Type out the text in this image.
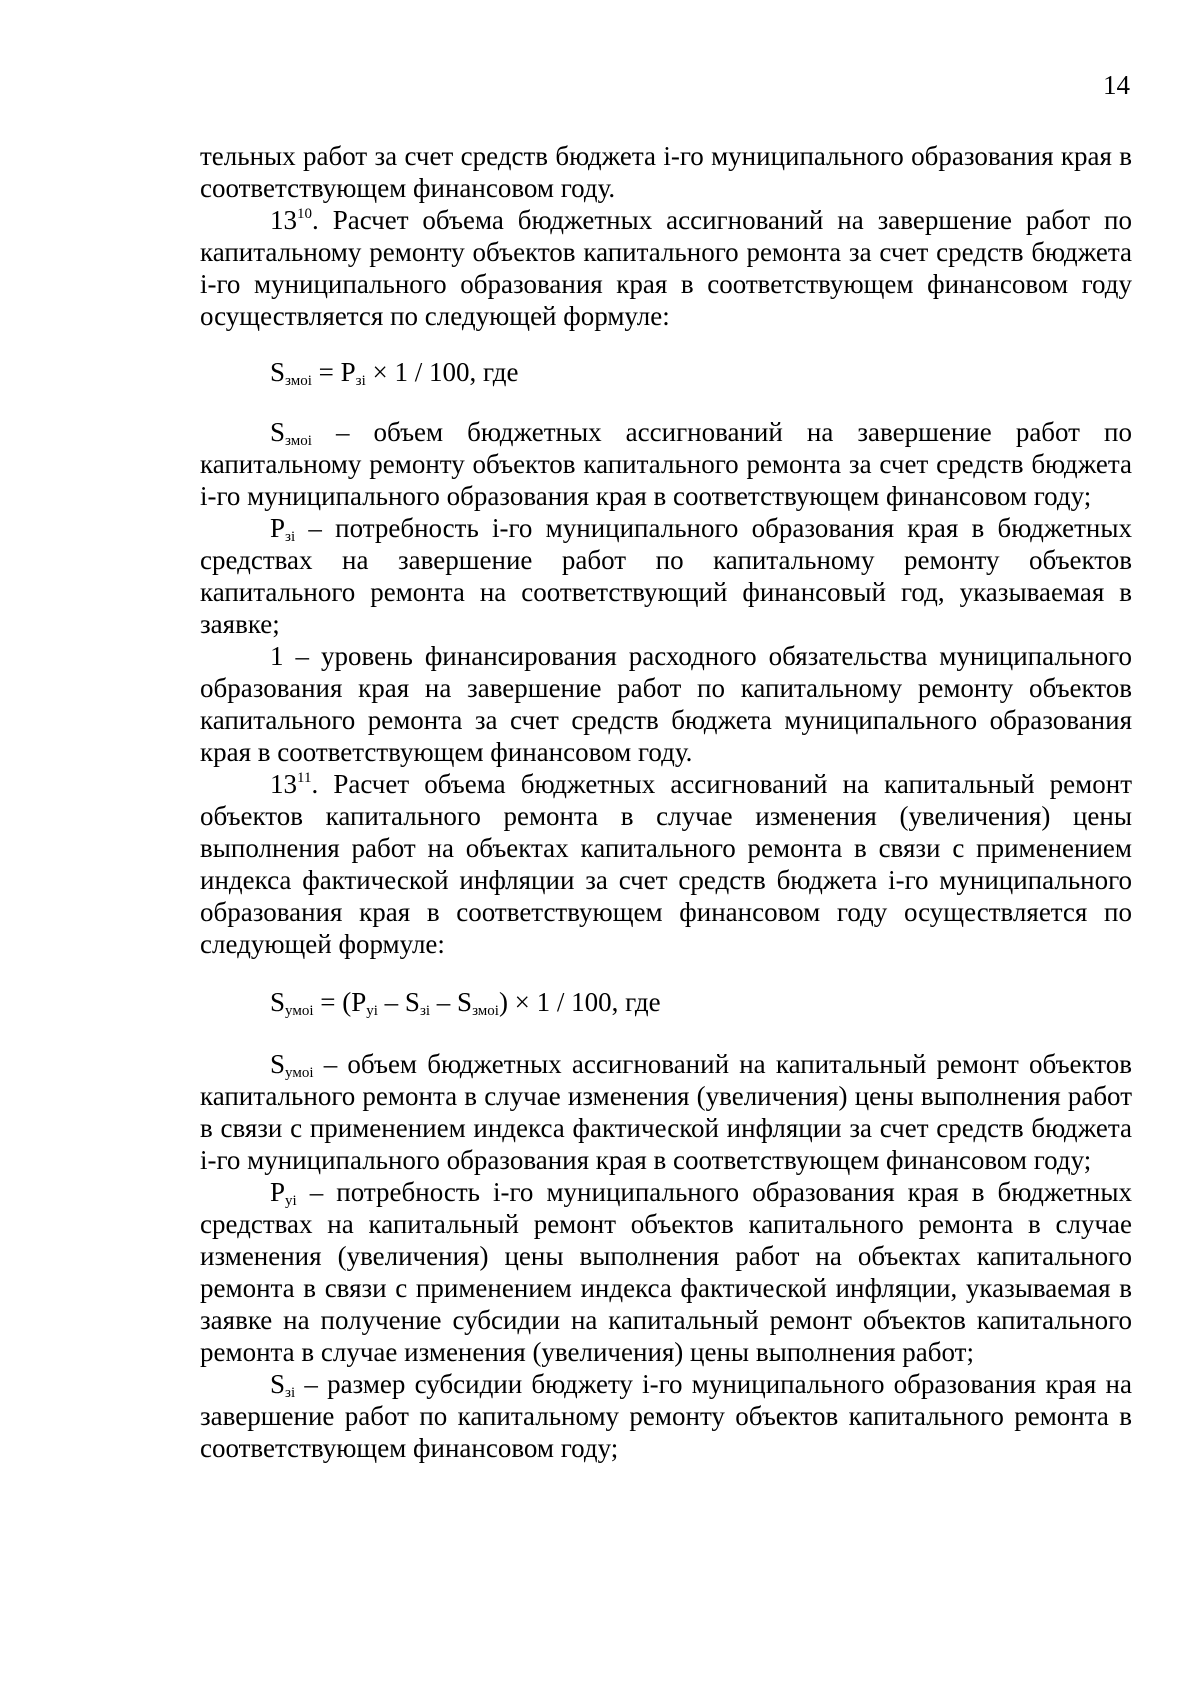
14

тельных работ за счет средств бюджета i-го муниципального образования края в соответствующем финансовом году.

$13^{10}$. Расчет объема бюджетных ассигнований на завершение работ по капитальному ремонту объектов капитального ремонта за счет средств бюджета i-го муниципального образования края в соответствующем финансовом году осуществляется по следующей формуле:

$S_{змоi} = P_{зi} \times 1 / 100$, где

$S_{змоi}$ – объем бюджетных ассигнований на завершение работ по капитальному ремонту объектов капитального ремонта за счет средств бюджета i-го муниципального образования края в соответствующем финансовом году;

$P_{зi}$ – потребность i-го муниципального образования края в бюджетных средствах на завершение работ по капитальному ремонту объектов капитального ремонта на соответствующий финансовый год, указываемая в заявке;

1 – уровень финансирования расходного обязательства муниципального образования края на завершение работ по капитальному ремонту объектов капитального ремонта за счет средств бюджета муниципального образования края в соответствующем финансовом году.

$13^{11}$. Расчет объема бюджетных ассигнований на капитальный ремонт объектов капитального ремонта в случае изменения (увеличения) цены выполнения работ на объектах капитального ремонта в связи с применением индекса фактической инфляции за счет средств бюджета i-го муниципального образования края в соответствующем финансовом году осуществляется по следующей формуле:

$S_{умоi} = (P_{уi} - S_{зi} - S_{змоi}) \times 1 / 100$, где

$S_{умоi}$ – объем бюджетных ассигнований на капитальный ремонт объектов капитального ремонта в случае изменения (увеличения) цены выполнения работ в связи с применением индекса фактической инфляции за счет средств бюджета i-го муниципального образования края в соответствующем финансовом году;

$P_{уi}$ – потребность i-го муниципального образования края в бюджетных средствах на капитальный ремонт объектов капитального ремонта в случае изменения (увеличения) цены выполнения работ на объектах капитального ремонта в связи с применением индекса фактической инфляции, указываемая в заявке на получение субсидии на капитальный ремонт объектов капитального ремонта в случае изменения (увеличения) цены выполнения работ;

$S_{зi}$ – размер субсидии бюджету i-го муниципального образования края на завершение работ по капитальному ремонту объектов капитального ремонта в соответствующем финансовом году;
